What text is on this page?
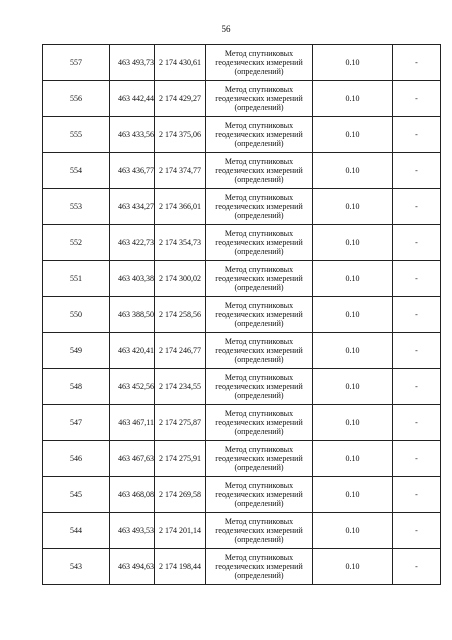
56
557	463 493,73	2 174 430,61	Метод спутниковых
геодезических измерений
(определений)	0.10	-
556	463 442,44	2 174 429,27	Метод спутниковых
геодезических измерений
(определений)	0.10	-
555	463 433,56	2 174 375,06	Метод спутниковых
геодезических измерений
(определений)	0.10	-
554	463 436,77	2 174 374,77	Метод спутниковых
геодезических измерений
(определений)	0.10	-
553	463 434,27	2 174 366,01	Метод спутниковых
геодезических измерений
(определений)	0.10	-
552	463 422,73	2 174 354,73	Метод спутниковых
геодезических измерений
(определений)	0.10	-
551	463 403,38	2 174 300,02	Метод спутниковых
геодезических измерений
(определений)	0.10	-
550	463 388,50	2 174 258,56	Метод спутниковых
геодезических измерений
(определений)	0.10	-
549	463 420,41	2 174 246,77	Метод спутниковых
геодезических измерений
(определений)	0.10	-
548	463 452,56	2 174 234,55	Метод спутниковых
геодезических измерений
(определений)	0.10	-
547	463 467,11	2 174 275,87	Метод спутниковых
геодезических измерений
(определений)	0.10	-
546	463 467,63	2 174 275,91	Метод спутниковых
геодезических измерений
(определений)	0.10	-
545	463 468,08	2 174 269,58	Метод спутниковых
геодезических измерений
(определений)	0.10	-
544	463 493,53	2 174 201,14	Метод спутниковых
геодезических измерений
(определений)	0.10	-
543	463 494,63	2 174 198,44	Метод спутниковых
геодезических измерений
(определений)	0.10	-
